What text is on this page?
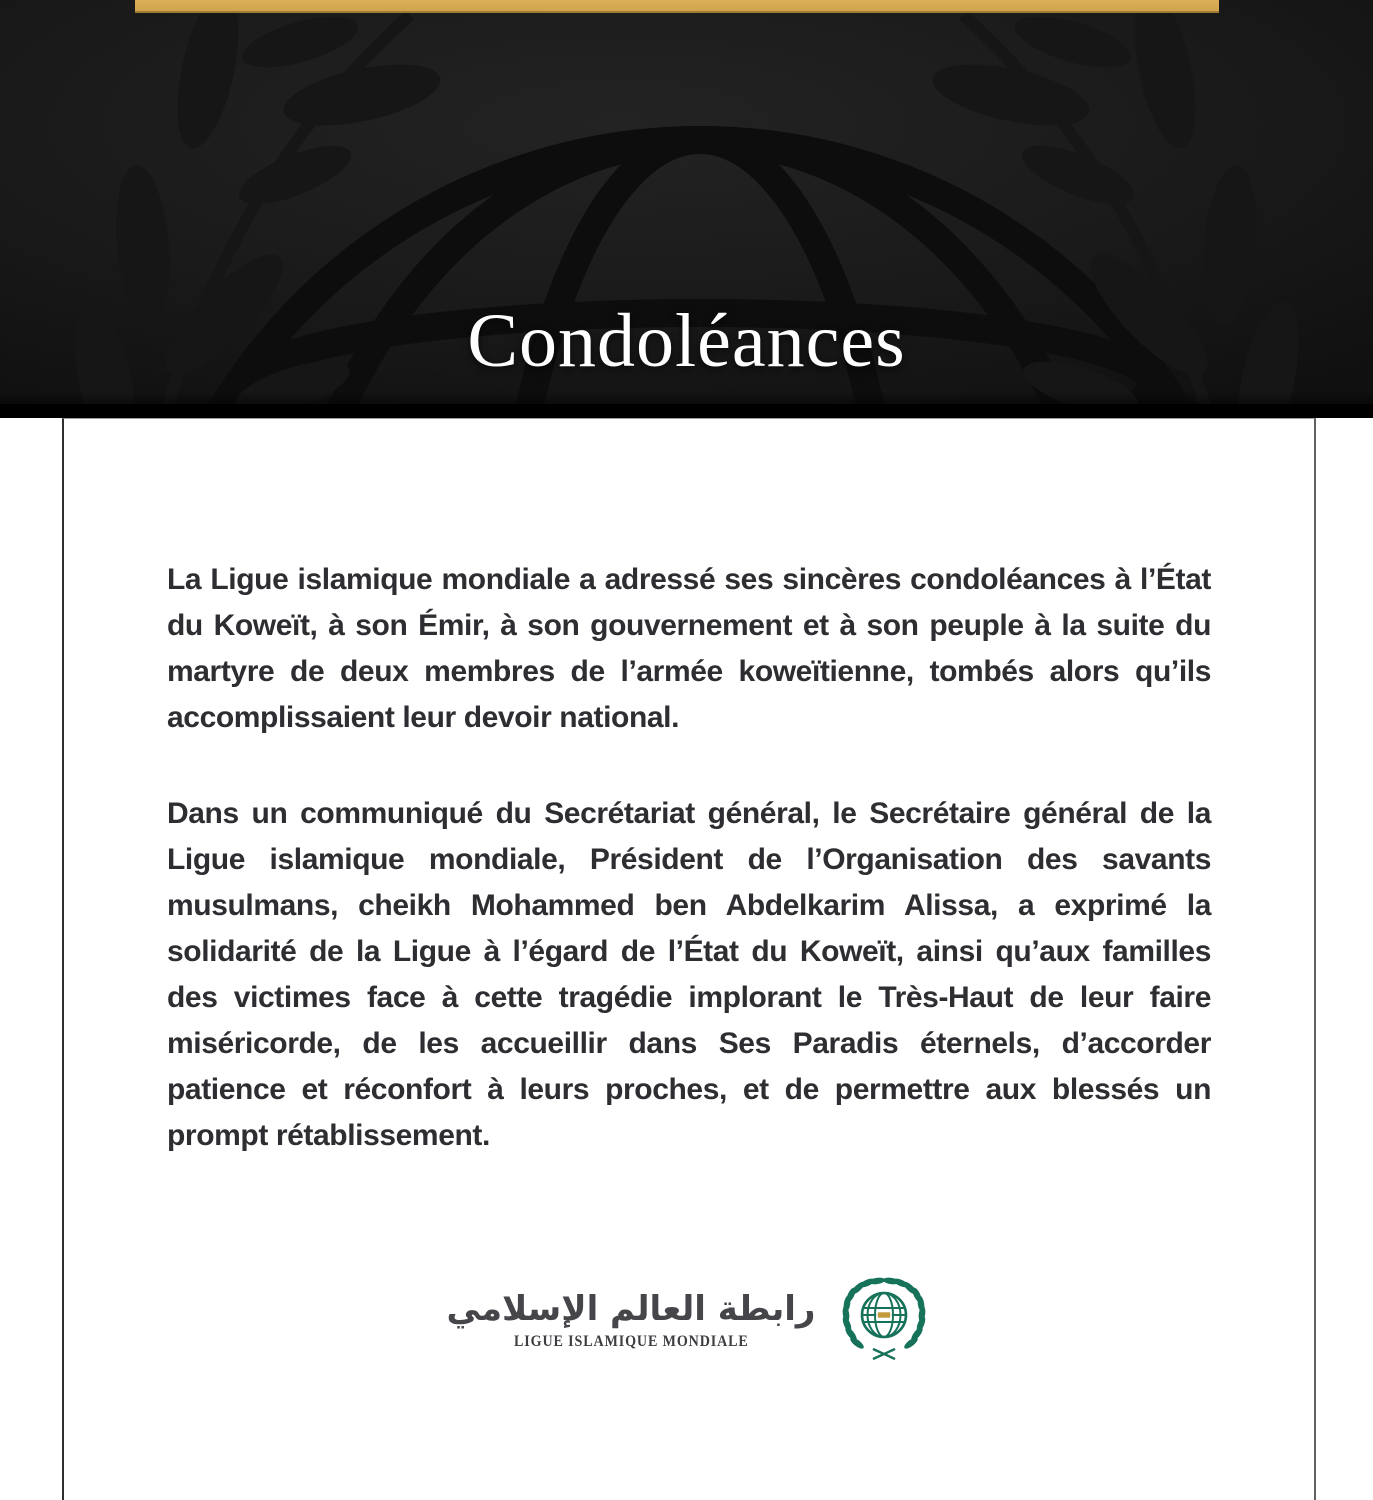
Condoléances

La Ligue islamique mondiale a adressé ses sincères condoléances à l’État du Koweït, à son Émir, à son gouvernement et à son peuple à la suite du martyre de deux membres de l’armée koweïtienne, tombés alors qu’ils accomplissaient leur devoir national.

Dans un communiqué du Secrétariat général, le Secrétaire général de la Ligue islamique mondiale, Président de l’Organisation des savants musulmans, cheikh Mohammed ben Abdelkarim Alissa, a exprimé la solidarité de la Ligue à l’égard de l’État du Koweït, ainsi qu’aux familles des victimes face à cette tragédie implorant le Très-Haut de leur faire miséricorde, de les accueillir dans Ses Paradis éternels, d’accorder patience et réconfort à leurs proches, et de permettre aux blessés un prompt rétablissement.

رابطة العالم الإسلامي
LIGUE ISLAMIQUE MONDIALE
